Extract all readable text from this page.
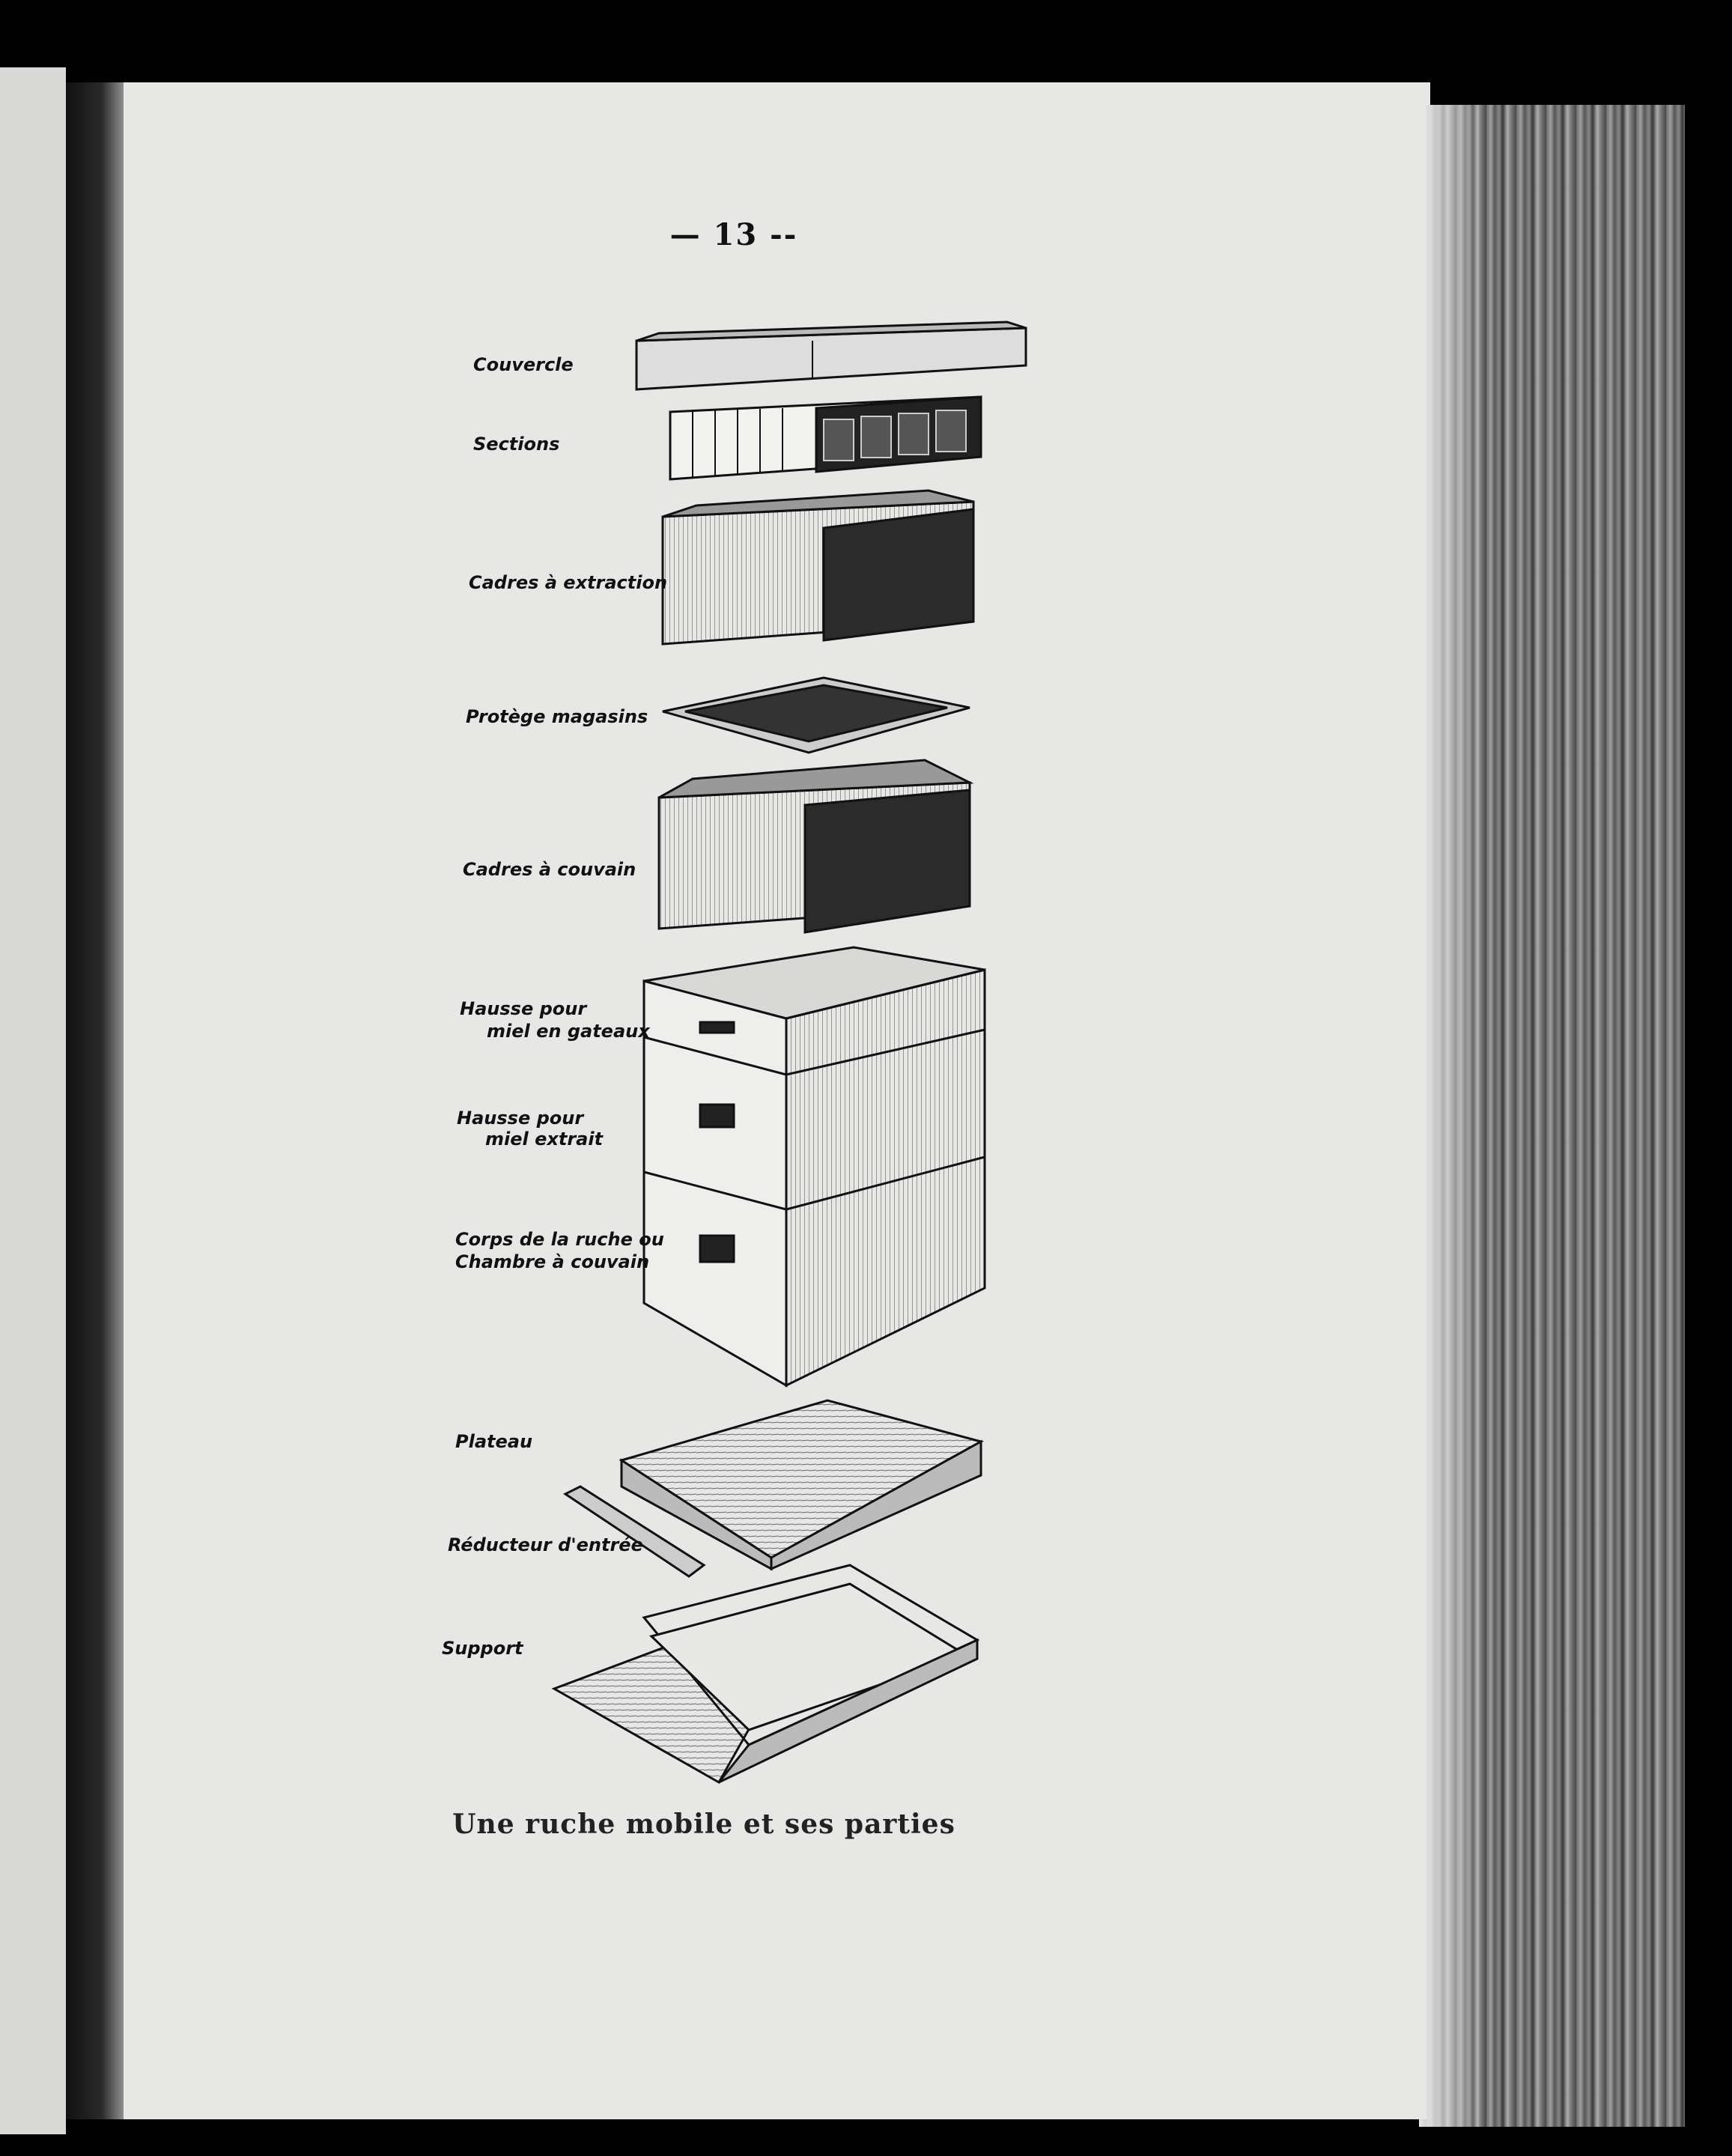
— 13 --
Couvercle
Sections
Cadres à extraction
Protège magasins
Cadres à couvain
Hausse pour
miel en gateaux
Hausse pour
miel extrait
Corps de la ruche ou
Chambre à couvain
Plateau
Réducteur d'entrée
Support
Une ruche mobile et ses parties
